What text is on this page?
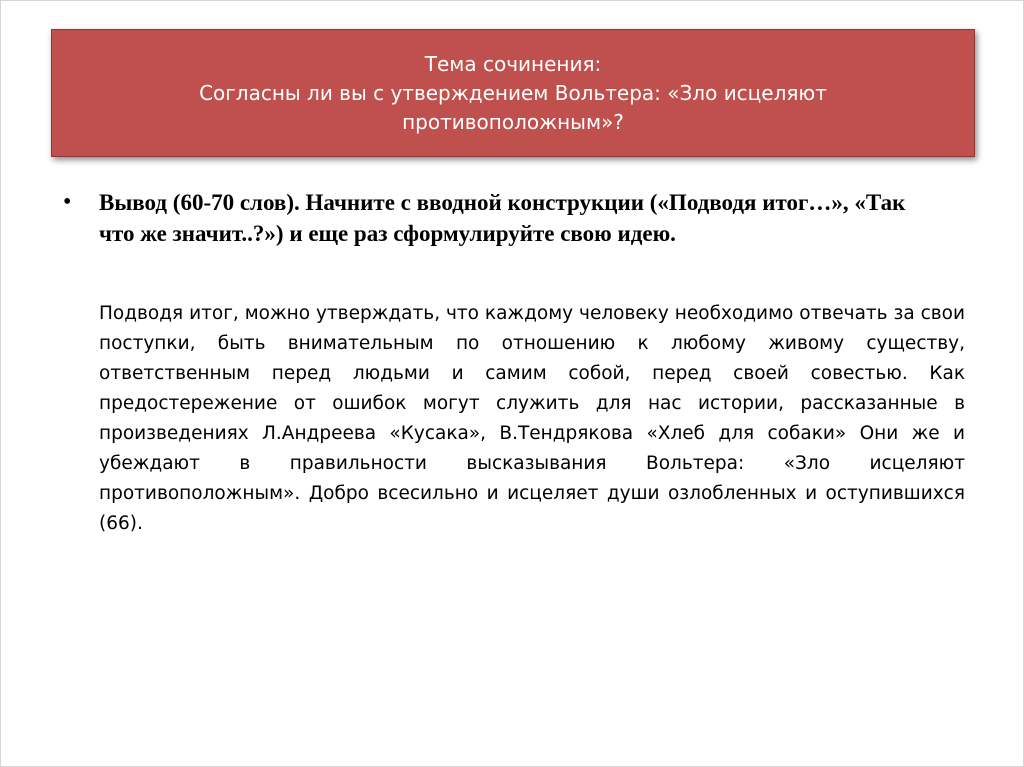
Тема сочинения:
Согласны ли вы с утверждением Вольтера: «Зло исцеляют
противоположным»?
•	Вывод (60-70 слов). Начните с вводной конструкции («Подводя итог…», «Так что же значит..?») и еще раз сформулируйте свою идею.
Подводя итог, можно утверждать, что каждому человеку необходимо отвечать за свои поступки, быть внимательным по отношению к любому живому существу, ответственным перед людьми и самим собой, перед своей совестью. Как предостережение от ошибок могут служить для нас истории, рассказанные в произведениях Л.Андреева «Кусака», В.Тендрякова «Хлеб для собаки» Они же и убеждают в правильности высказывания Вольтера: «Зло исцеляют противоположным». Добро всесильно и исцеляет души озлобленных и оступившихся (66).
